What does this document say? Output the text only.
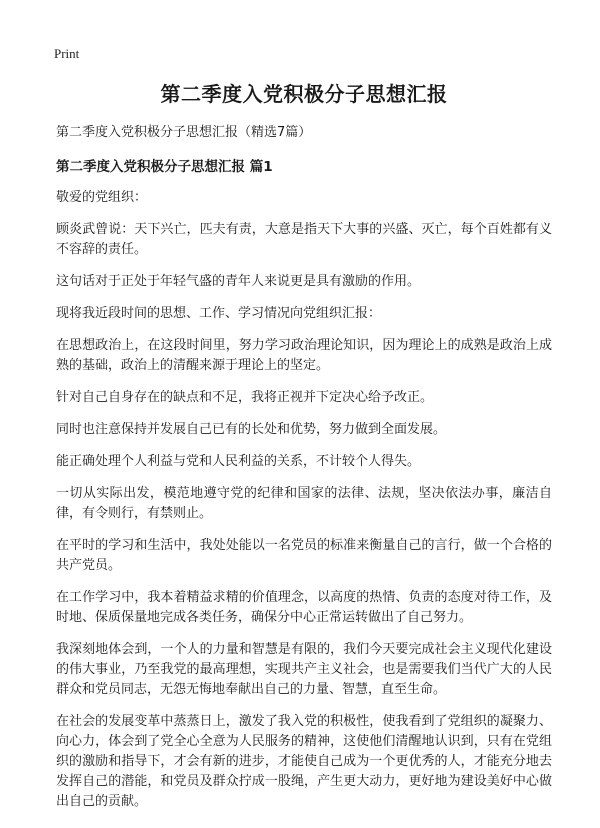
Print
第二季度入党积极分子思想汇报
第二季度入党积极分子思想汇报（精选7篇）
第二季度入党积极分子思想汇报 篇1

敬爱的党组织：

顾炎武曾说：天下兴亡，匹夫有责，大意是指天下大事的兴盛、灭亡，每个百姓都有义不容辞的责任。

这句话对于正处于年轻气盛的青年人来说更是具有激励的作用。

现将我近段时间的思想、工作、学习情况向党组织汇报：

在思想政治上，在这段时间里，努力学习政治理论知识，因为理论上的成熟是政治上成熟的基础，政治上的清醒来源于理论上的坚定。

针对自己自身存在的缺点和不足，我将正视并下定决心给予改正。

同时也注意保持并发展自己已有的长处和优势，努力做到全面发展。

能正确处理个人利益与党和人民利益的关系，不计较个人得失。

一切从实际出发，模范地遵守党的纪律和国家的法律、法规，坚决依法办事，廉洁自律，有令则行，有禁则止。

在平时的学习和生活中，我处处能以一名党员的标准来衡量自己的言行，做一个合格的共产党员。

在工作学习中，我本着精益求精的价值理念，以高度的热情、负责的态度对待工作，及时地、保质保量地完成各类任务，确保分中心正常运转做出了自己努力。

我深刻地体会到，一个人的力量和智慧是有限的，我们今天要完成社会主义现代化建设的伟大事业，乃至我党的最高理想，实现共产主义社会，也是需要我们当代广大的人民群众和党员同志，无怨无悔地奉献出自己的力量、智慧，直至生命。

在社会的发展变革中蒸蒸日上，激发了我入党的积极性，使我看到了党组织的凝聚力、向心力，体会到了党全心全意为人民服务的精神，这使他们清醒地认识到，只有在党组织的激励和指导下，才会有新的进步，才能使自己成为一个更优秀的人，才能充分地去发挥自己的潜能，和党员及群众拧成一股绳，产生更大动力，更好地为建设美好中心做出自己的贡献。
